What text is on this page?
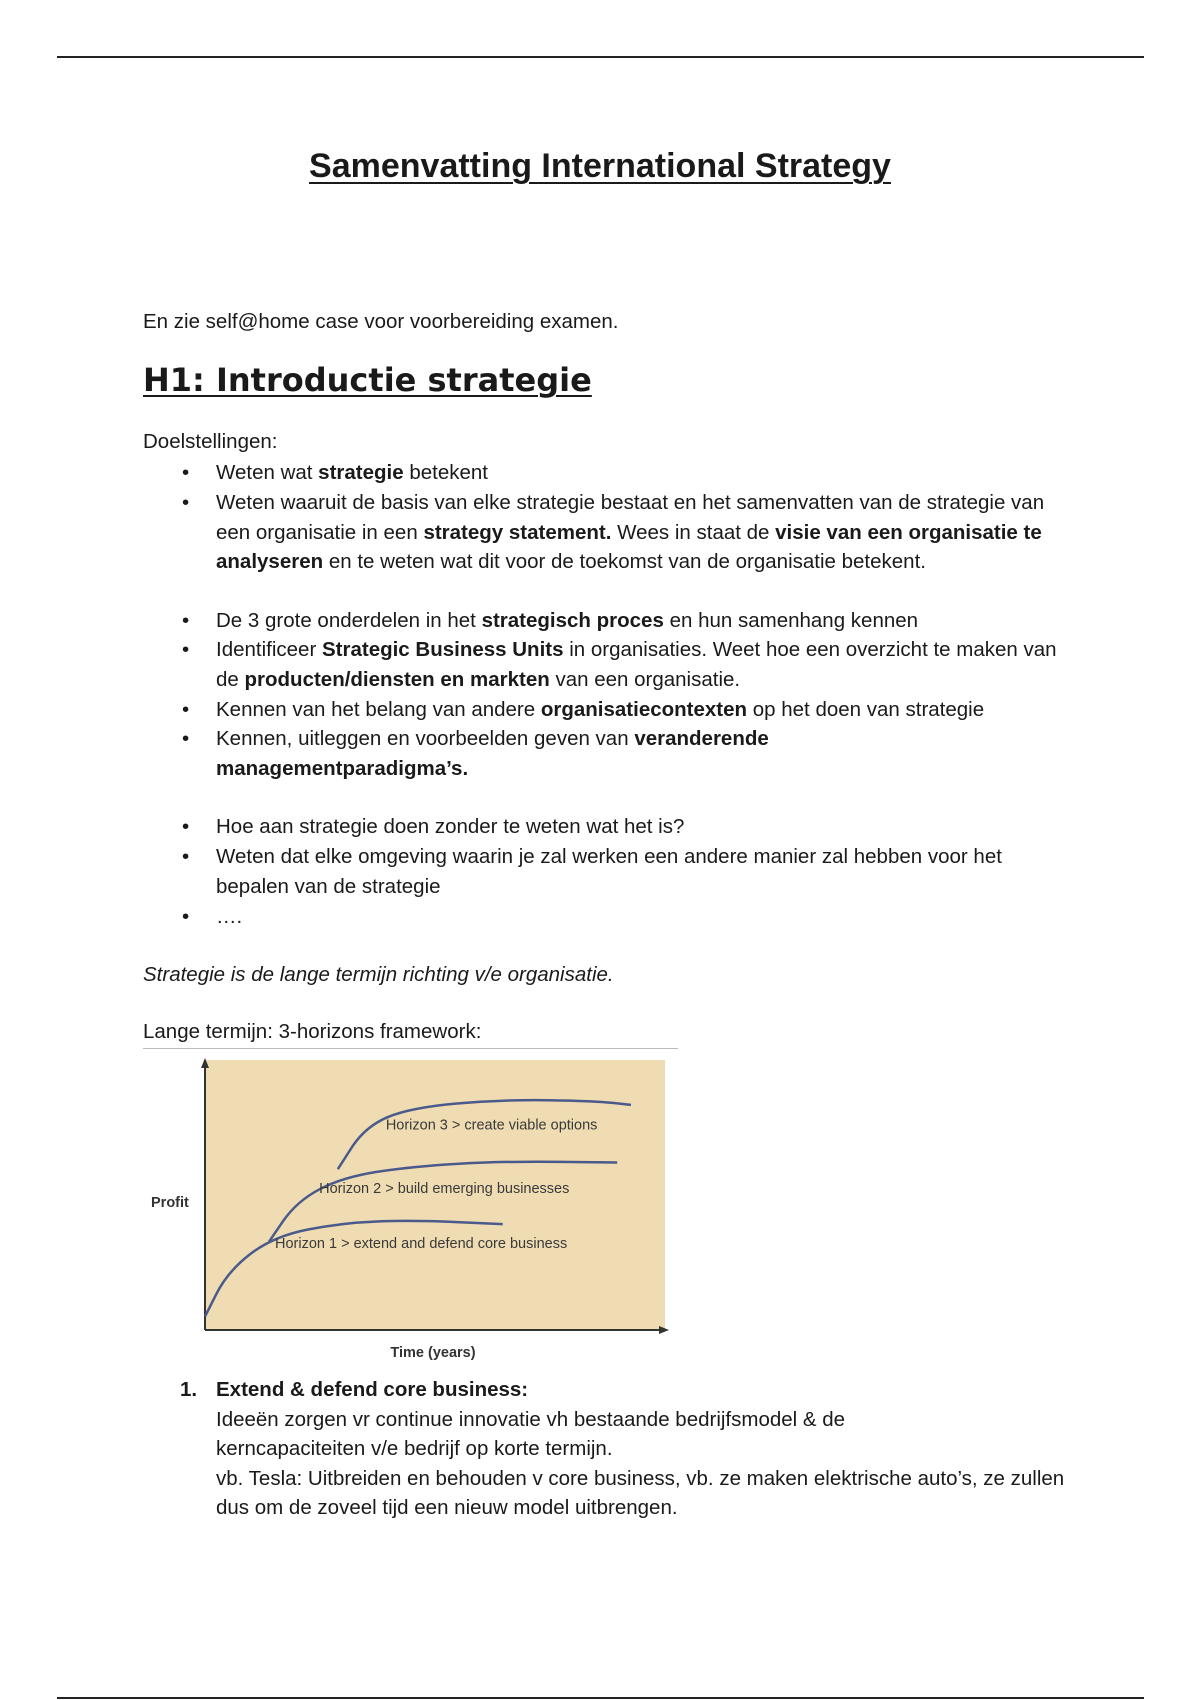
Samenvatting International Strategy
En zie self@home case voor voorbereiding examen.
H1: Introductie strategie
Doelstellingen:
• Weten wat strategie betekent
• Weten waaruit de basis van elke strategie bestaat en het samenvatten van de strategie van een organisatie in een strategy statement. Wees in staat de visie van een organisatie te analyseren en te weten wat dit voor de toekomst van de organisatie betekent.
• De 3 grote onderdelen in het strategisch proces en hun samenhang kennen
• Identificeer Strategic Business Units in organisaties. Weet hoe een overzicht te maken van de producten/diensten en markten van een organisatie.
• Kennen van het belang van andere organisatiecontexten op het doen van strategie
• Kennen, uitleggen en voorbeelden geven van veranderende managementparadigma’s.
• Hoe aan strategie doen zonder te weten wat het is?
• Weten dat elke omgeving waarin je zal werken een andere manier zal hebben voor het bepalen van de strategie
• ….
Strategie is de lange termijn richting v/e organisatie.
Lange termijn: 3-horizons framework:
Profit
Time (years)
Horizon 1 > extend and defend core business
Horizon 2 > build emerging businesses
Horizon 3 > create viable options
1. Extend & defend core business:
Ideeën zorgen vr continue innovatie vh bestaande bedrijfsmodel & de kerncapaciteiten v/e bedrijf op korte termijn.
vb. Tesla: Uitbreiden en behouden v core business, vb. ze maken elektrische auto’s, ze zullen dus om de zoveel tijd een nieuw model uitbrengen.
